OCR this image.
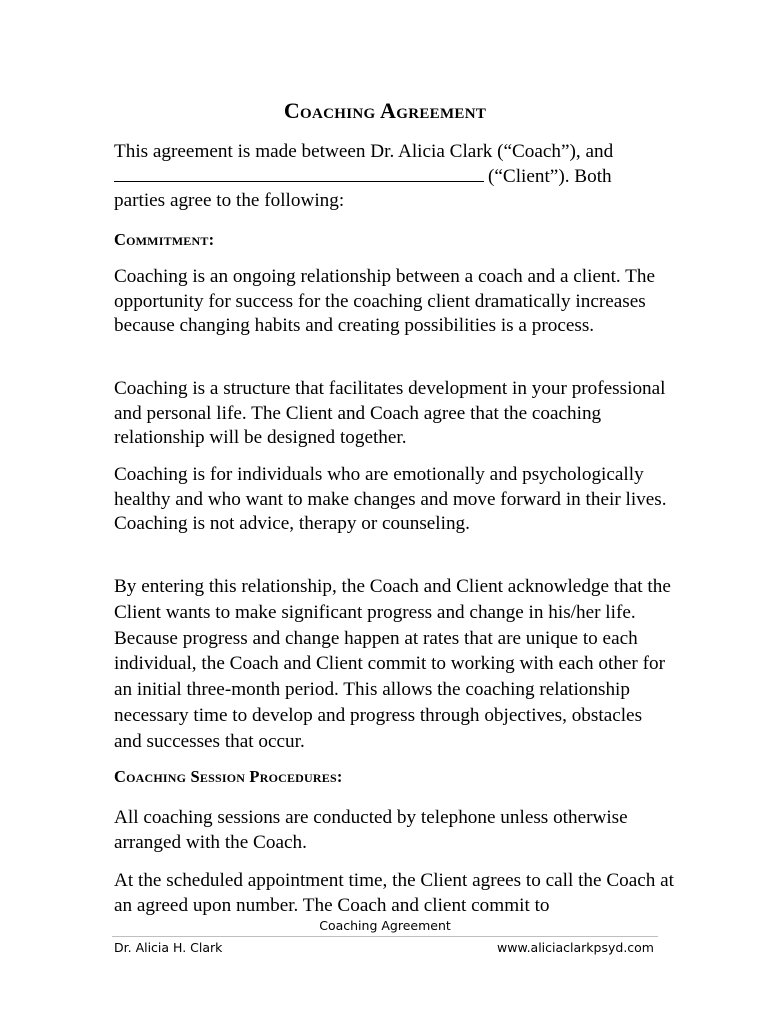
Coaching Agreement
This agreement is made between Dr. Alicia Clark (“Coach”), and
(“Client”). Both
parties agree to the following:
Commitment:
Coaching is an ongoing relationship between a coach and a client. The opportunity for success for the coaching client dramatically increases because changing habits and creating possibilities is a process.
Coaching is a structure that facilitates development in your professional and personal life. The Client and Coach agree that the coaching relationship will be designed together.
Coaching is for individuals who are emotionally and psychologically healthy and who want to make changes and move forward in their lives. Coaching is not advice, therapy or counseling.
By entering this relationship, the Coach and Client acknowledge that the Client wants to make significant progress and change in his/her life. Because progress and change happen at rates that are unique to each individual, the Coach and Client commit to working with each other for an initial three-month period. This allows the coaching relationship necessary time to develop and progress through objectives, obstacles and successes that occur.
Coaching Session Procedures:
All coaching sessions are conducted by telephone unless otherwise arranged with the Coach.
At the scheduled appointment time, the Client agrees to call the Coach at an agreed upon number. The Coach and client commit to
Coaching Agreement
Dr. Alicia H. Clark	www.aliciaclarkpsyd.com
